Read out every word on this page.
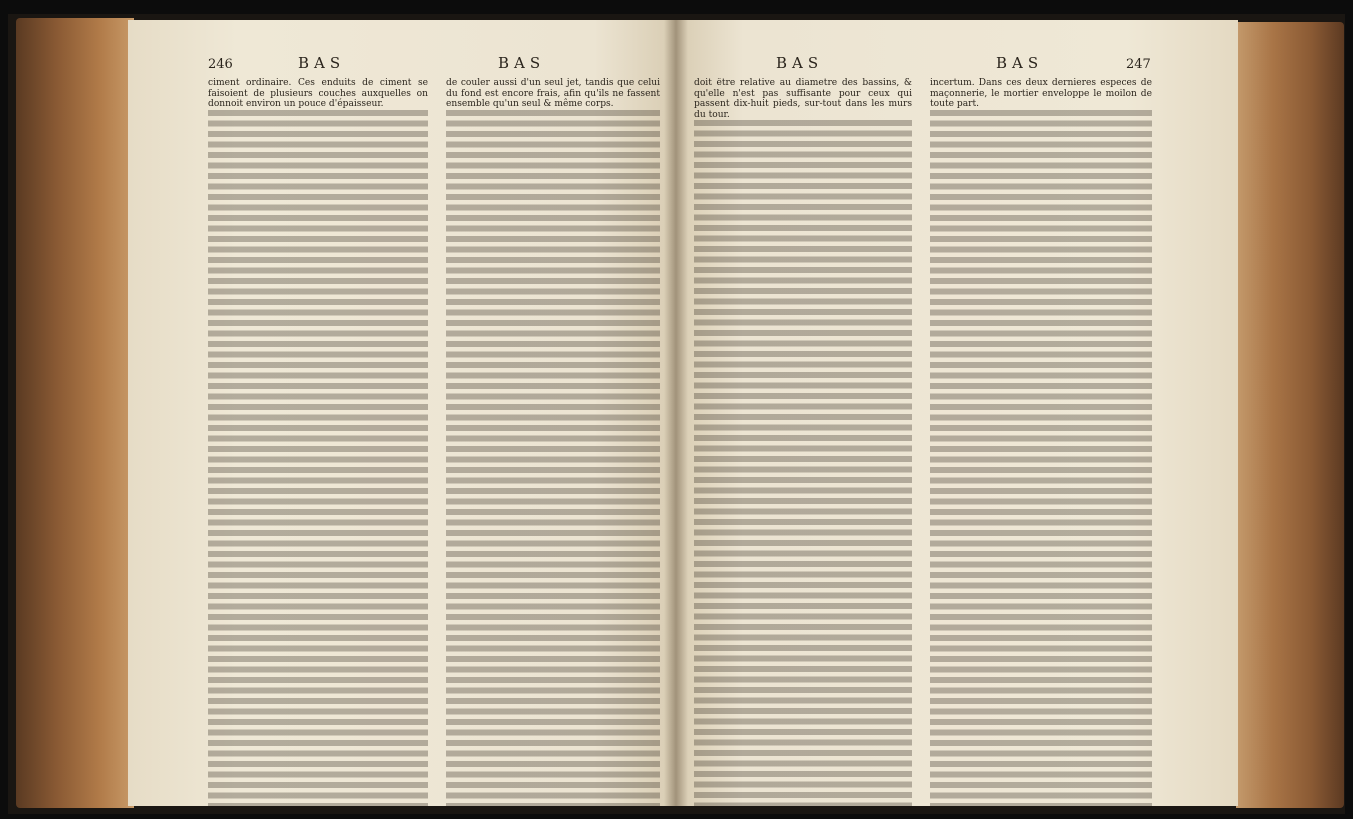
246	BAS	BAS

ciment ordinaire. Ces enduits de ciment se faisoient de plusieurs couches auxquelles on donnoit environ un pouce d'épaisseur.

de couler aussi d'un seul jet, tandis que celui du fond est encore frais, afin qu'ils ne fassent ensemble qu'un seul & même corps.

BAS	BAS	247

doit être relative au diametre des bassins, & qu'elle n'est pas suffisante pour ceux qui passent dix-huit pieds, sur-tout dans les murs du tour.

incertum. Dans ces deux dernieres especes de maçonnerie, le mortier enveloppe le moilon de toute part.
